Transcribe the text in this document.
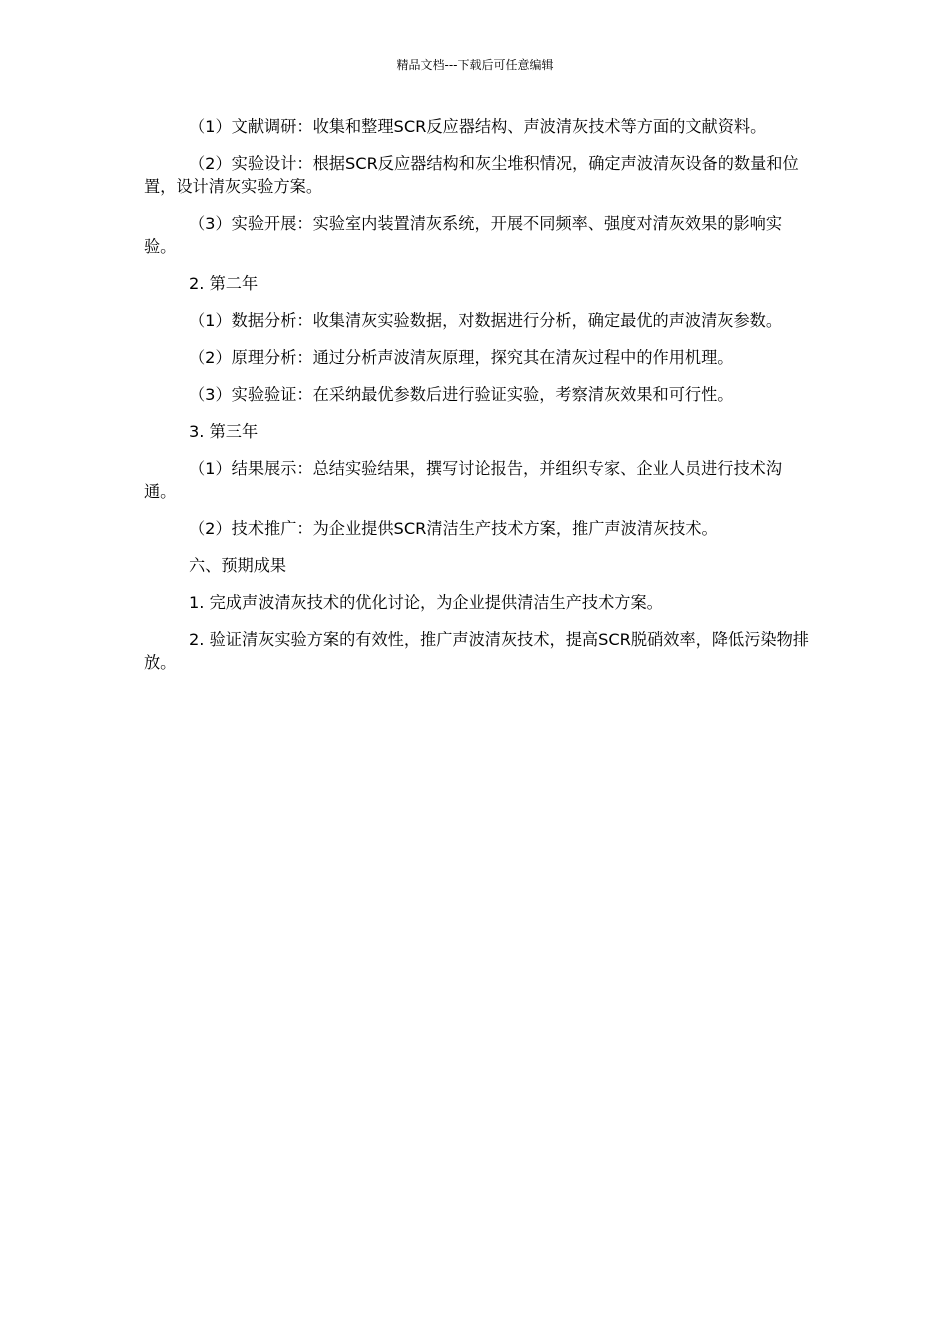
精品文档---下载后可任意编辑

（1）文献调研：收集和整理SCR反应器结构、声波清灰技术等方面的文献资料。

（2）实验设计：根据SCR反应器结构和灰尘堆积情况，确定声波清灰设备的数量和位置，设计清灰实验方案。

（3）实验开展：实验室内装置清灰系统，开展不同频率、强度对清灰效果的影响实验。

2. 第二年

（1）数据分析：收集清灰实验数据，对数据进行分析，确定最优的声波清灰参数。

（2）原理分析：通过分析声波清灰原理，探究其在清灰过程中的作用机理。

（3）实验验证：在采纳最优参数后进行验证实验，考察清灰效果和可行性。

3. 第三年

（1）结果展示：总结实验结果，撰写讨论报告，并组织专家、企业人员进行技术沟通。

（2）技术推广：为企业提供SCR清洁生产技术方案，推广声波清灰技术。

六、预期成果

1. 完成声波清灰技术的优化讨论，为企业提供清洁生产技术方案。

2. 验证清灰实验方案的有效性，推广声波清灰技术，提高SCR脱硝效率，降低污染物排放。
